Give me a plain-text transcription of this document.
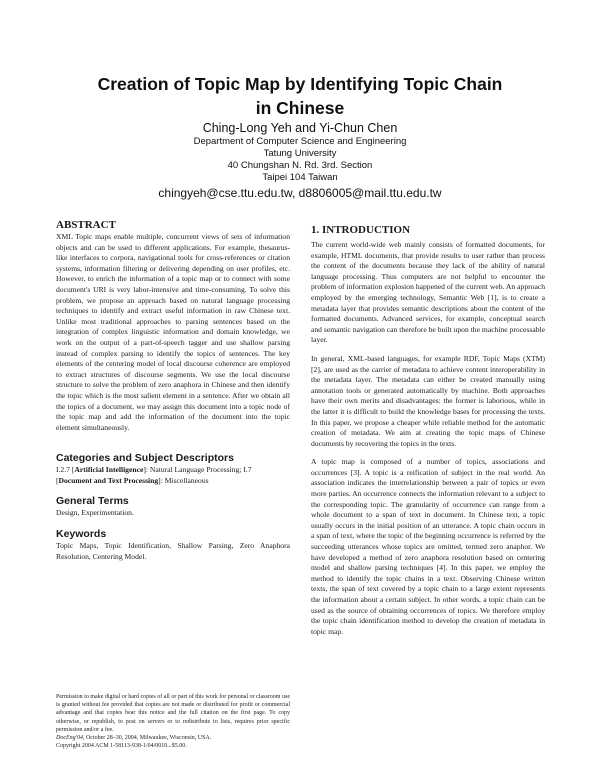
Creation of Topic Map by Identifying Topic Chain
in Chinese
Ching-Long Yeh and Yi-Chun Chen
Department of Computer Science and Engineering
Tatung University
40 Chungshan N. Rd. 3rd. Section
Taipei 104 Taiwan
chingyeh@cse.ttu.edu.tw, d8806005@mail.ttu.edu.tw
ABSTRACT

XML Topic maps enable multiple, concurrent views of sets of information objects and can be used to different applications. For example, thesaurus-like interfaces to corpora, navigational tools for cross-references or citation systems, information filtering or delivering depending on user profiles, etc. However, to enrich the information of a topic map or to connect with some document's URI is very labor-intensive and time-consuming. To solve this problem, we propose an approach based on natural language processing techniques to identify and extract useful information in raw Chinese text. Unlike most traditional approaches to parsing sentences based on the integration of complex linguistic information and domain knowledge, we work on the output of a part-of-speech tagger and use shallow parsing instead of complex parsing to identify the topics of sentences. The key elements of the centering model of local discourse coherence are employed to extract structures of discourse segments. We use the local discourse structure to solve the problem of zero anaphora in Chinese and then identify the topic which is the most salient element in a sentence. After we obtain all the topics of a document, we may assign this document into a topic node of the topic map and add the information of the document into the topic element simultaneously.

Categories and Subject Descriptors

I.2.7 [Artificial Intelligence]: Natural Language Processing; I.7
[Document and Text Processing]: Miscellaneous

General Terms

Design, Experimentation.

Keywords

Topic Maps, Topic Identification, Shallow Parsing, Zero Anaphora Resolution, Centering Model.

Permission to make digital or hard copies of all or part of this work for personal or classroom use is granted without fee provided that copies are not made or distributed for profit or commercial advantage and that copies bear this notice and the full citation on the first page. To copy otherwise, or republish, to post on servers or to redistribute to lists, requires prior specific permission and/or a fee.

DocEng'04, October 28–30, 2004, Milwaukee, Wisconsin, USA.

Copyright 2004 ACM 1-58113-938-1/04/0010...$5.00.

1. INTRODUCTION

The current world-wide web mainly consists of formatted documents, for example, HTML documents, that provide results to user rather than process the content of the documents because they lack of the ability of natural language processing. Thus computers are not helpful to encounter the problem of information explosion happened of the current web. An approach employed by the emerging technology, Semantic Web [1], is to create a metadata layer that provides semantic descriptions about the content of the formatted documents. Advanced services, for example, conceptual search and semantic navigation can therefore be built upon the machine processable layer.

In general, XML-based languages, for example RDF, Topic Maps (XTM) [2], are used as the carrier of metadata to achieve content interoperability in the metadata layer. The metadata can either be created manually using annotation tools or generated automatically by machine. Both approaches have their own merits and disadvantages: the former is laborious, while in the latter it is difficult to build the knowledge bases for processing the texts. In this paper, we propose a cheaper while reliable method for the automatic creation of metadata. We aim at creating the topic maps of Chinese documents by recovering the topics in the texts.

A topic map is composed of a number of topics, associations and occurrences [3]. A topic is a reification of subject in the real world. An association indicates the interrelationship between a pair of topics or even more parties. An occurrence connects the information relevant to a subject to the corresponding topic. The granularity of occurrence can range from a whole document to a span of text in document. In Chinese text, a topic usually occurs in the initial position of an utterance. A topic chain occurs in a span of text, where the topic of the beginning occurrence is referred by the succeeding utterances whose topics are omitted, termed zero anaphor. We have developed a method of zero anaphora resolution based on centering model and shallow parsing techniques [4]. In this paper, we employ the method to identify the topic chains in a text. Observing Chinese written texts, the span of text covered by a topic chain to a large extent represents the information about a certain subject. In other words, a topic chain can be used as the source of obtaining occurrences of topics. We therefore employ the topic chain identification method to develop the creation of metadata in topic map.
